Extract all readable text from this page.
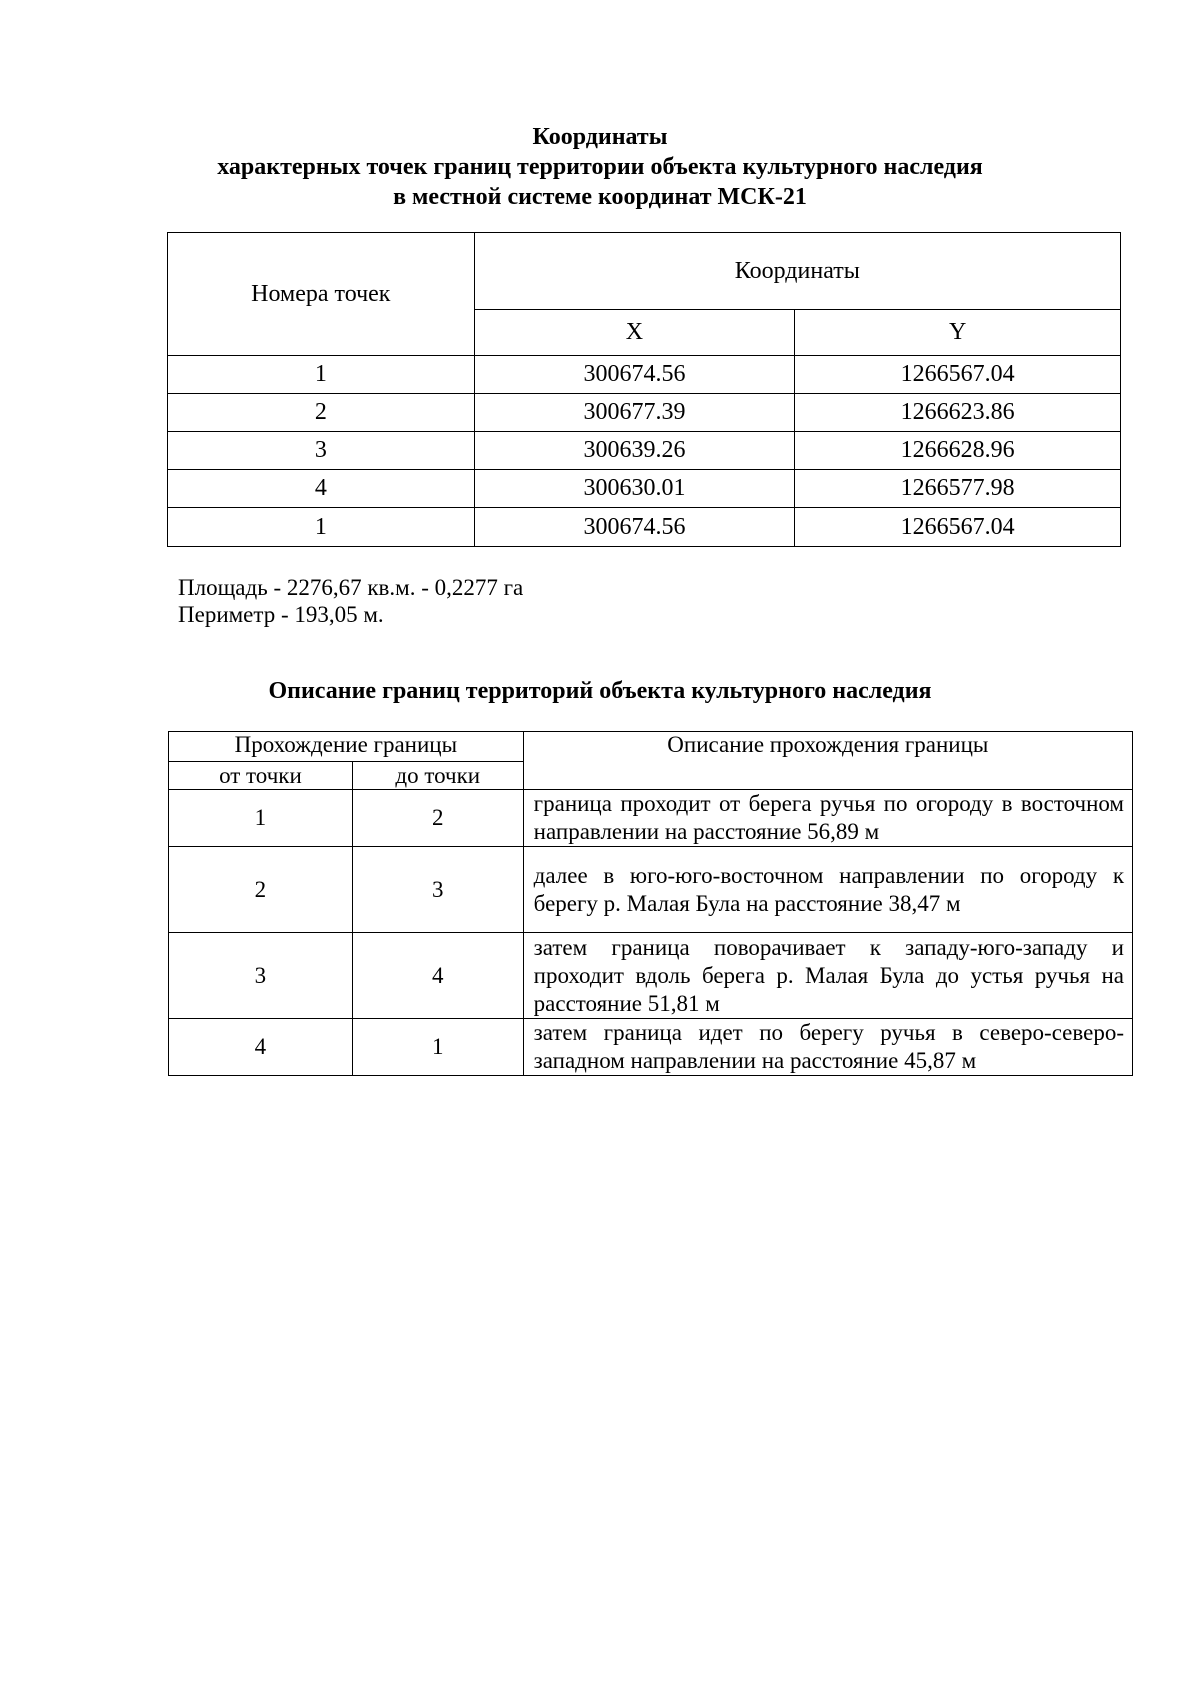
Координаты
характерных точек границ территории объекта культурного наследия
в местной системе координат МСК-21
Номера точек	Координаты	
	X	Y
1	300674.56	1266567.04
2	300677.39	1266623.86
3	300639.26	1266628.96
4	300630.01	1266577.98
1	300674.56	1266567.04
Площадь - 2276,67 кв.м. - 0,2277 га
Периметр - 193,05 м.
Описание границ территорий объекта культурного наследия
Прохождение границы		Описание прохождения границы
от точки	до точки	
1	2	граница проходит от берега ручья по огороду в восточном направлении на расстояние 56,89 м
2	3	далее в юго-юго-восточном направлении по огороду к берегу р. Малая Була на расстояние 38,47 м
3	4	затем граница поворачивает к западу-юго-западу и проходит вдоль берега р. Малая Була до устья ручья на расстояние 51,81 м
4	1	затем граница идет по берегу ручья в северо-северо-западном направлении на расстояние 45,87 м
